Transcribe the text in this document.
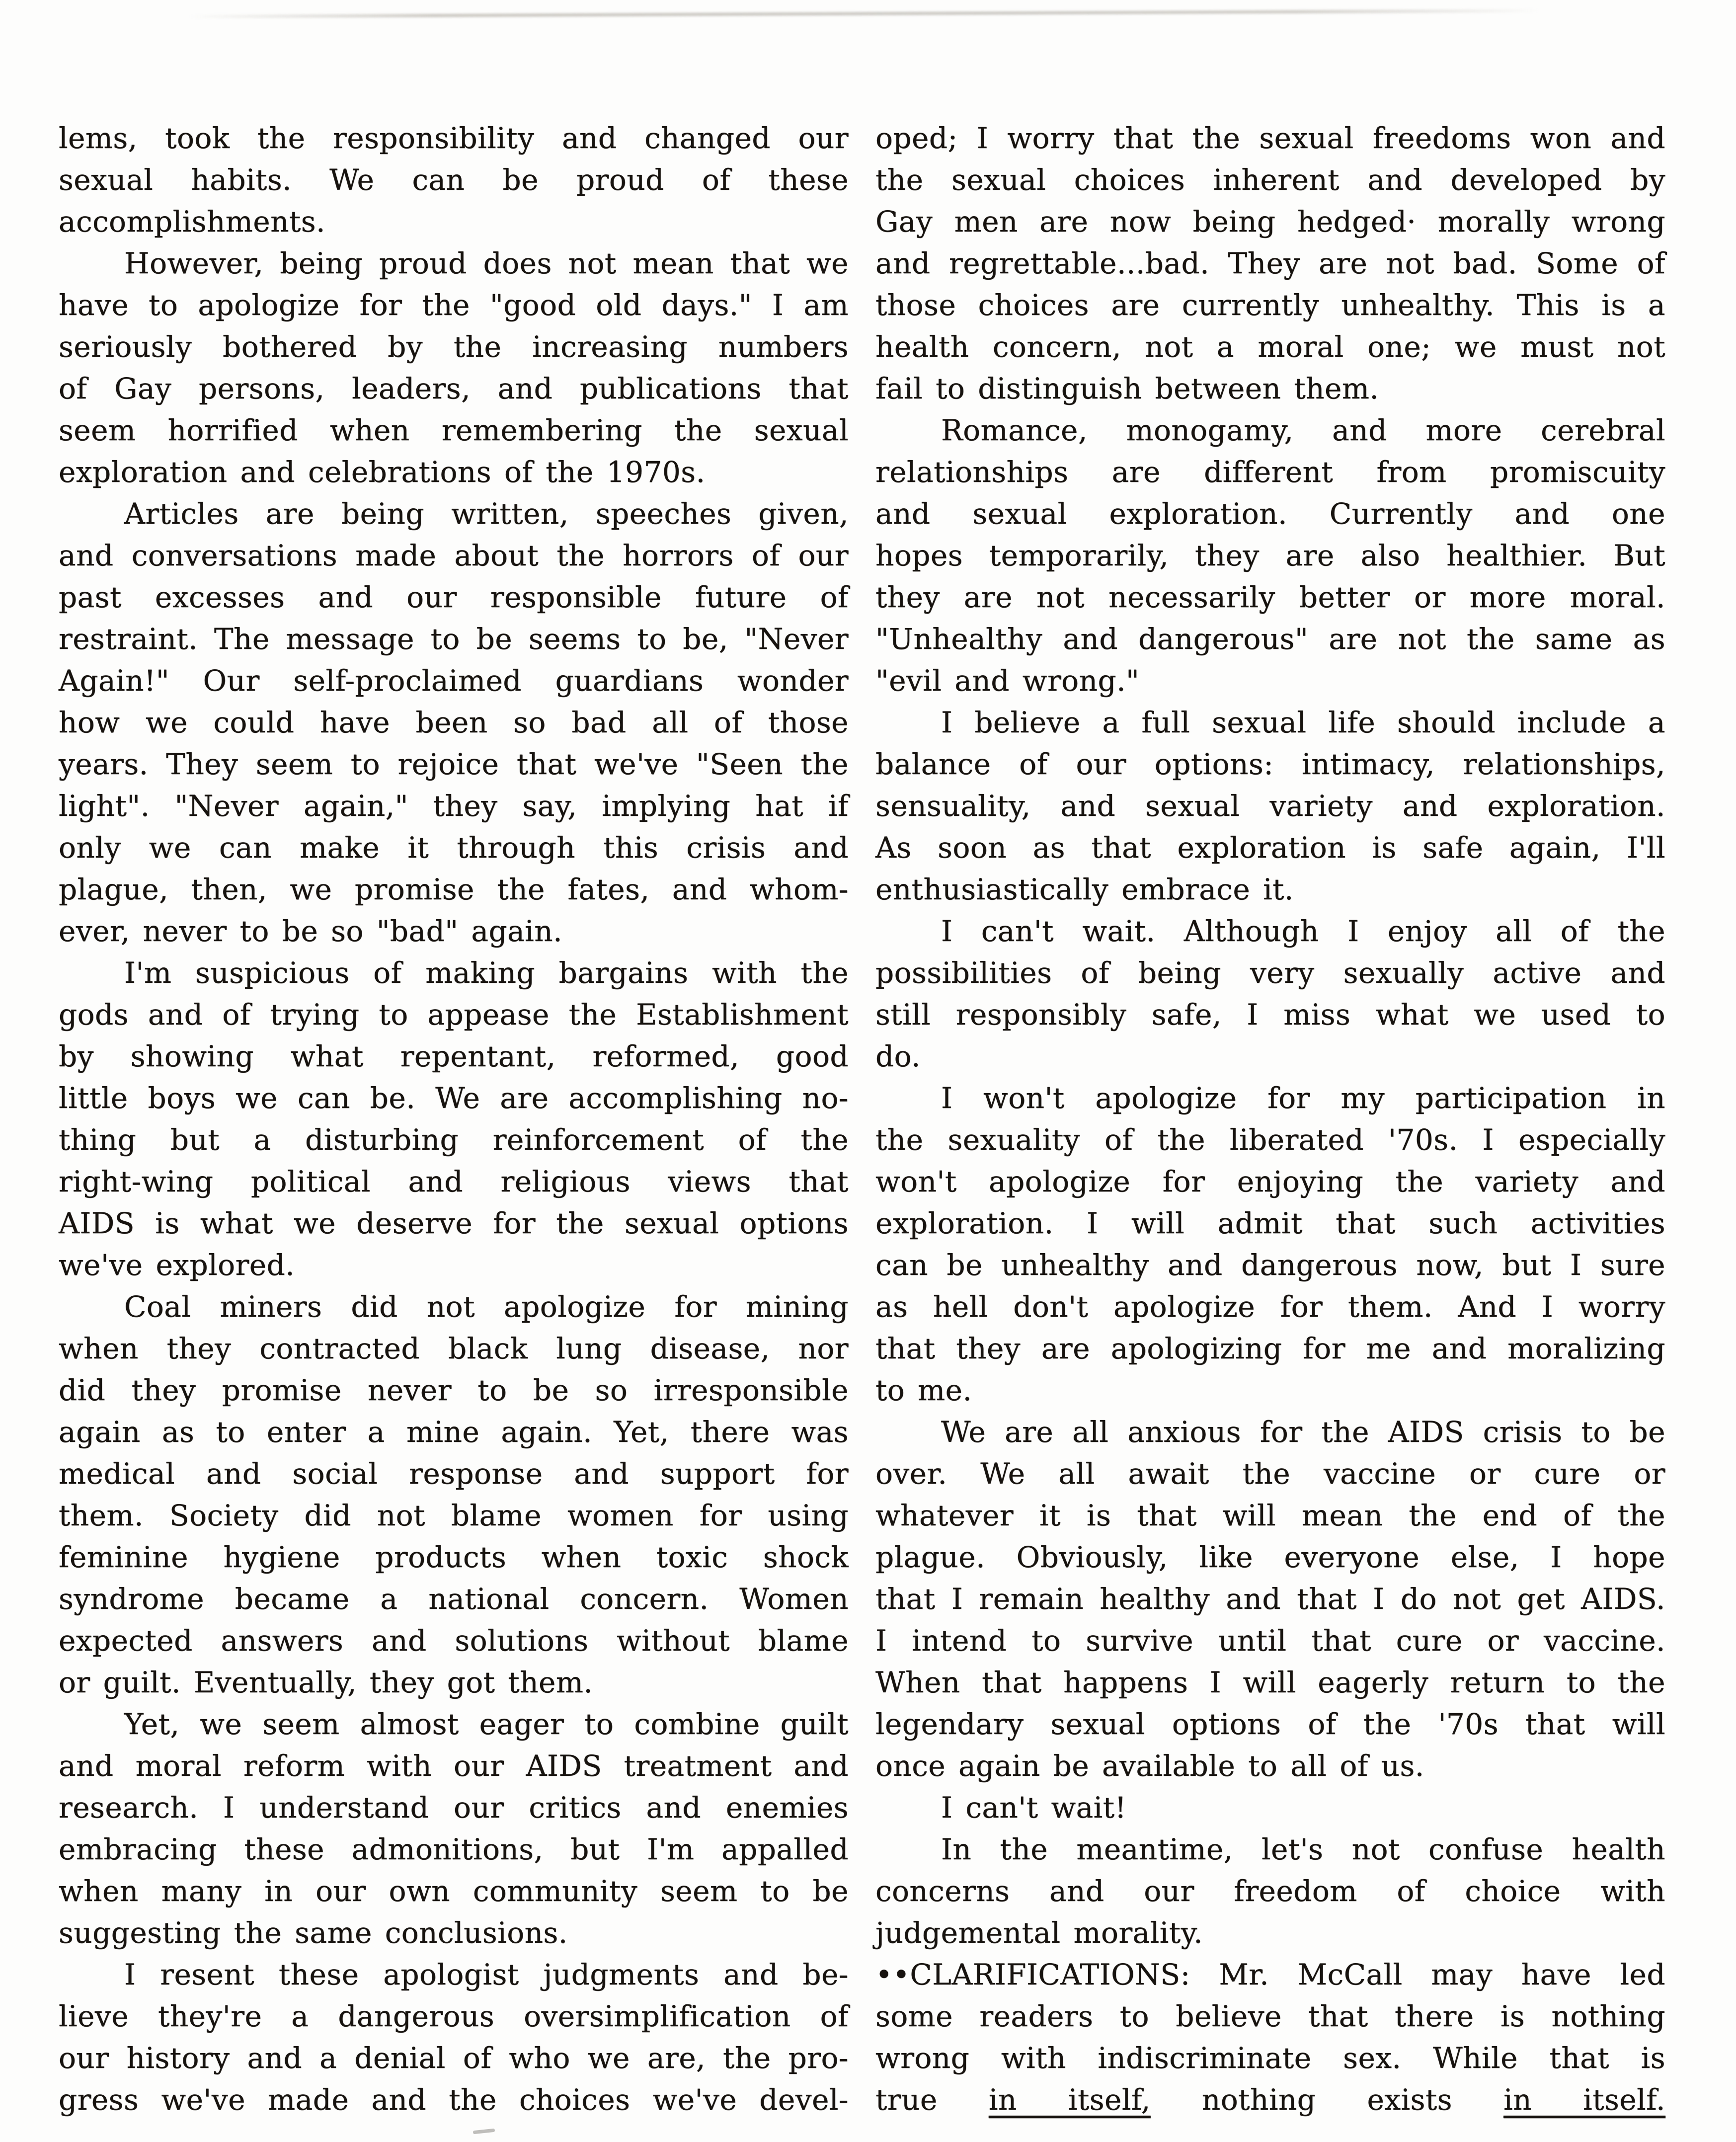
lems, took the responsibility and changed our
sexual habits. We can be proud of these
accomplishments.
However, being proud does not mean that we
have to apologize for the "good old days." I am
seriously bothered by the increasing numbers
of Gay persons, leaders, and publications that
seem horrified when remembering the sexual
exploration and celebrations of the 1970s.
Articles are being written, speeches given,
and conversations made about the horrors of our
past excesses and our responsible future of
restraint. The message to be seems to be, "Never
Again!" Our self-proclaimed guardians wonder
how we could have been so bad all of those
years. They seem to rejoice that we've "Seen the
light". "Never again," they say, implying hat if
only we can make it through this crisis and
plague, then, we promise the fates, and whom-
ever, never to be so "bad" again.
I'm suspicious of making bargains with the
gods and of trying to appease the Establishment
by showing what repentant, reformed, good
little boys we can be. We are accomplishing no-
thing but a disturbing reinforcement of the
right-wing political and religious views that
AIDS is what we deserve for the sexual options
we've explored.
Coal miners did not apologize for mining
when they contracted black lung disease, nor
did they promise never to be so irresponsible
again as to enter a mine again. Yet, there was
medical and social response and support for
them. Society did not blame women for using
feminine hygiene products when toxic shock
syndrome became a national concern. Women
expected answers and solutions without blame
or guilt. Eventually, they got them.
Yet, we seem almost eager to combine guilt
and moral reform with our AIDS treatment and
research. I understand our critics and enemies
embracing these admonitions, but I'm appalled
when many in our own community seem to be
suggesting the same conclusions.
I resent these apologist judgments and be-
lieve they're a dangerous oversimplification of
our history and a denial of who we are, the pro-
gress we've made and the choices we've devel-
oped; I worry that the sexual freedoms won and
the sexual choices inherent and developed by
Gay men are now being hedged· morally wrong
and regrettable...bad. They are not bad. Some of
those choices are currently unhealthy. This is a
health concern, not a moral one; we must not
fail to distinguish between them.
Romance, monogamy, and more cerebral
relationships are different from promiscuity
and sexual exploration. Currently and one
hopes temporarily, they are also healthier. But
they are not necessarily better or more moral.
"Unhealthy and dangerous" are not the same as
"evil and wrong."
I believe a full sexual life should include a
balance of our options: intimacy, relationships,
sensuality, and sexual variety and exploration.
As soon as that exploration is safe again, I'll
enthusiastically embrace it.
I can't wait. Although I enjoy all of the
possibilities of being very sexually active and
still responsibly safe, I miss what we used to
do.
I won't apologize for my participation in
the sexuality of the liberated '70s. I especially
won't apologize for enjoying the variety and
exploration. I will admit that such activities
can be unhealthy and dangerous now, but I sure
as hell don't apologize for them. And I worry
that they are apologizing for me and moralizing
to me.
We are all anxious for the AIDS crisis to be
over. We all await the vaccine or cure or
whatever it is that will mean the end of the
plague. Obviously, like everyone else, I hope
that I remain healthy and that I do not get AIDS.
I intend to survive until that cure or vaccine.
When that happens I will eagerly return to the
legendary sexual options of the '70s that will
once again be available to all of us.
I can't wait!
In the meantime, let's not confuse health
concerns and our freedom of choice with
judgemental morality.
••CLARIFICATIONS: Mr. McCall may have led
some readers to believe that there is nothing
wrong with indiscriminate sex. While that is
true in itself, nothing exists in itself.
